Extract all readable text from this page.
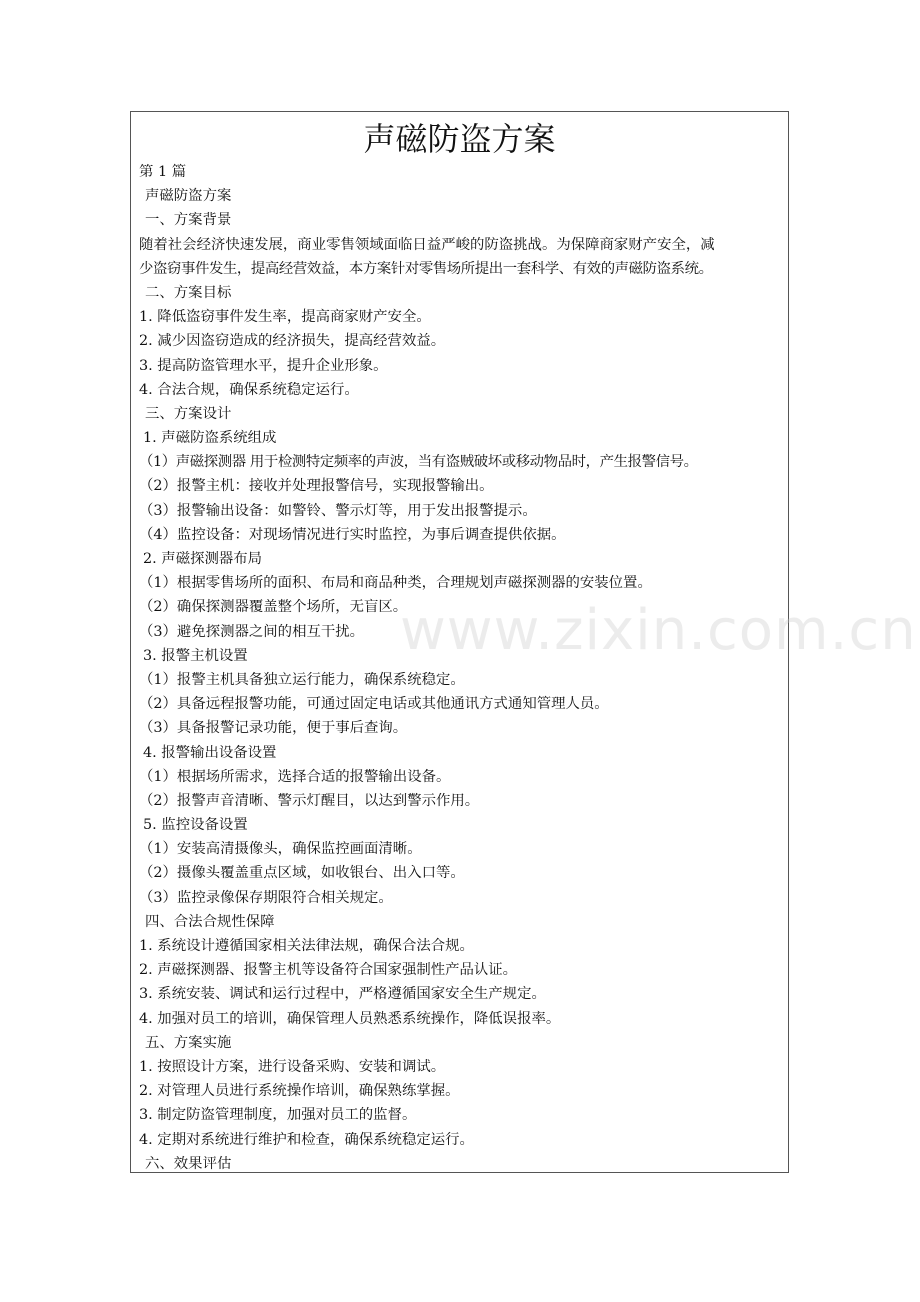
声磁防盗方案
第 1 篇
声磁防盗方案
一、方案背景
随着社会经济快速发展，商业零售领域面临日益严峻的防盗挑战。为保障商家财产安全，减
少盗窃事件发生，提高经营效益，本方案针对零售场所提出一套科学、有效的声磁防盗系统。
二、方案目标
1. 降低盗窃事件发生率，提高商家财产安全。
2. 减少因盗窃造成的经济损失，提高经营效益。
3. 提高防盗管理水平，提升企业形象。
4. 合法合规，确保系统稳定运行。
三、方案设计
1. 声磁防盗系统组成
（1）声磁探测器 用于检测特定频率的声波，当有盗贼破坏或移动物品时，产生报警信号。
（2）报警主机：接收并处理报警信号，实现报警输出。
（3）报警输出设备：如警铃、警示灯等，用于发出报警提示。
（4）监控设备：对现场情况进行实时监控，为事后调查提供依据。
2. 声磁探测器布局
（1）根据零售场所的面积、布局和商品种类，合理规划声磁探测器的安装位置。
（2）确保探测器覆盖整个场所，无盲区。
（3）避免探测器之间的相互干扰。
3. 报警主机设置
（1）报警主机具备独立运行能力，确保系统稳定。
（2）具备远程报警功能，可通过固定电话或其他通讯方式通知管理人员。
（3）具备报警记录功能，便于事后查询。
4. 报警输出设备设置
（1）根据场所需求，选择合适的报警输出设备。
（2）报警声音清晰、警示灯醒目，以达到警示作用。
5. 监控设备设置
（1）安装高清摄像头，确保监控画面清晰。
（2）摄像头覆盖重点区域，如收银台、出入口等。
（3）监控录像保存期限符合相关规定。
四、合法合规性保障
1. 系统设计遵循国家相关法律法规，确保合法合规。
2. 声磁探测器、报警主机等设备符合国家强制性产品认证。
3. 系统安装、调试和运行过程中，严格遵循国家安全生产规定。
4. 加强对员工的培训，确保管理人员熟悉系统操作，降低误报率。
五、方案实施
1. 按照设计方案，进行设备采购、安装和调试。
2. 对管理人员进行系统操作培训，确保熟练掌握。
3. 制定防盗管理制度，加强对员工的监督。
4. 定期对系统进行维护和检查，确保系统稳定运行。
六、效果评估
www.zixin.com.cn
